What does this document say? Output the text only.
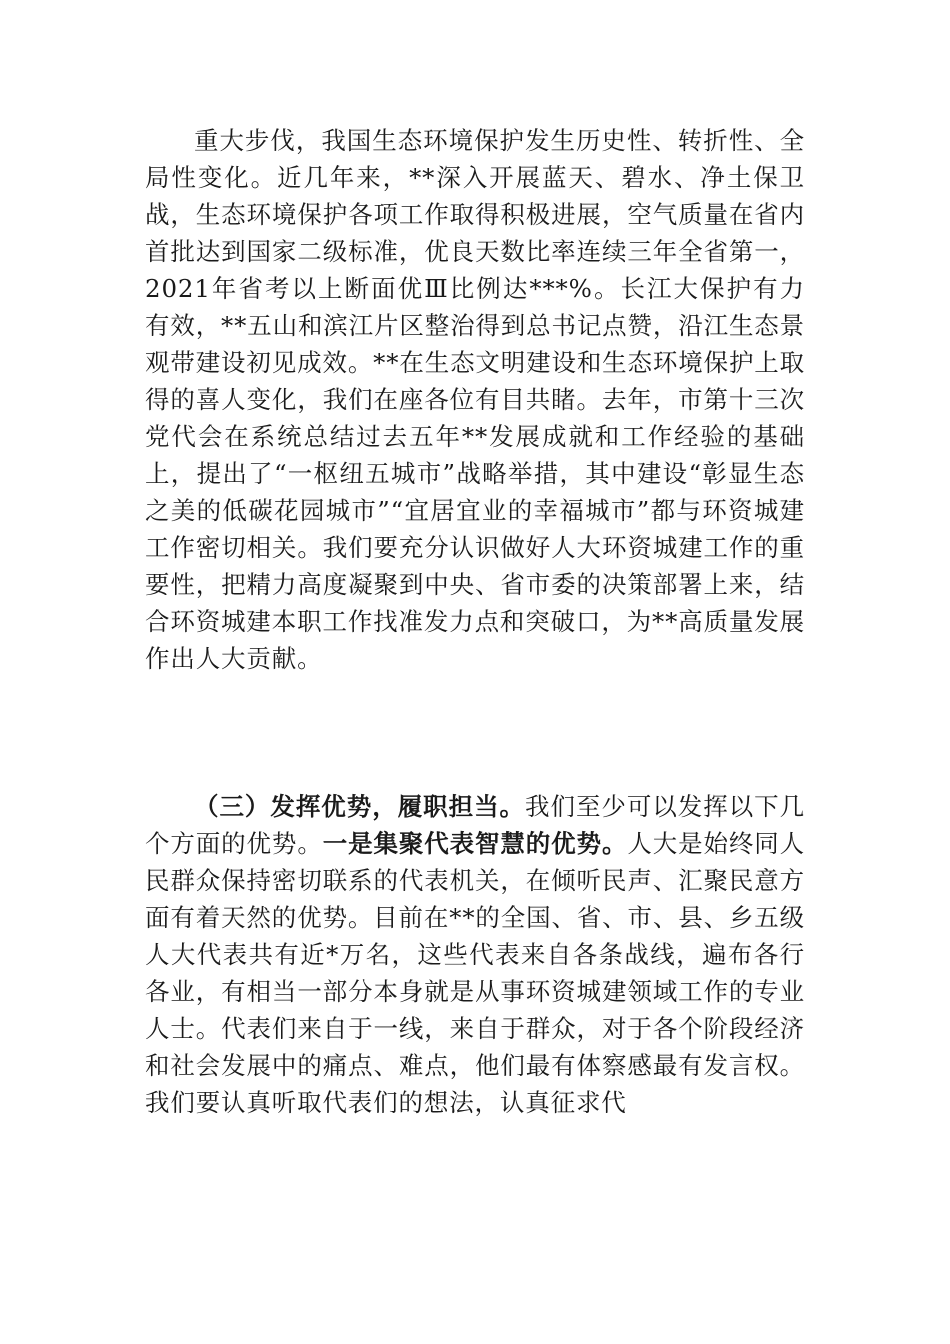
重大步伐，我国生态环境保护发生历史性、转折性、全局性变化。近几年来，**深入开展蓝天、碧水、净土保卫战，生态环境保护各项工作取得积极进展，空气质量在省内首批达到国家二级标准，优良天数比率连续三年全省第一，2021年省考以上断面优Ⅲ比例达***%。长江大保护有力有效，**五山和滨江片区整治得到总书记点赞，沿江生态景观带建设初见成效。**在生态文明建设和生态环境保护上取得的喜人变化，我们在座各位有目共睹。去年，市第十三次党代会在系统总结过去五年**发展成就和工作经验的基础上，提出了“一枢纽五城市”战略举措，其中建设“彰显生态之美的低碳花园城市”“宜居宜业的幸福城市”都与环资城建工作密切相关。我们要充分认识做好人大环资城建工作的重要性，把精力高度凝聚到中央、省市委的决策部署上来，结合环资城建本职工作找准发力点和突破口，为**高质量发展作出人大贡献。

（三）发挥优势，履职担当。我们至少可以发挥以下几个方面的优势。一是集聚代表智慧的优势。人大是始终同人民群众保持密切联系的代表机关，在倾听民声、汇聚民意方面有着天然的优势。目前在**的全国、省、市、县、乡五级人大代表共有近*万名，这些代表来自各条战线，遍布各行各业，有相当一部分本身就是从事环资城建领域工作的专业人士。代表们来自于一线，来自于群众，对于各个阶段经济和社会发展中的痛点、难点，他们最有体察感最有发言权。我们要认真听取代表们的想法，认真征求代
